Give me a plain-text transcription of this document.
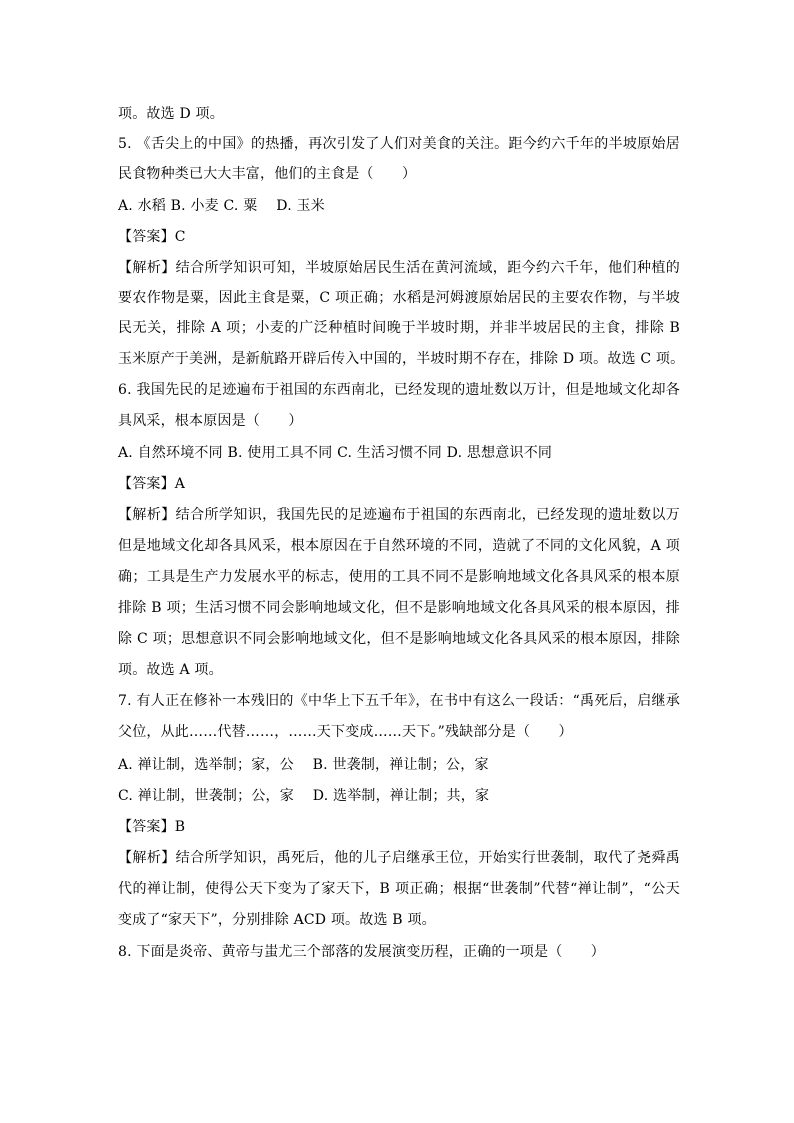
项。故选 D 项。
5. 《舌尖上的中国》的热播，再次引发了人们对美食的关注。距今约六千年的半坡原始居
民食物种类已大大丰富，他们的主食是（　　）
A. 水稻 B. 小麦 C. 粟　 D. 玉米
【答案】C
【解析】结合所学知识可知，半坡原始居民生活在黄河流域，距今约六千年，他们种植的
要农作物是粟，因此主食是粟，C 项正确；水稻是河姆渡原始居民的主要农作物，与半坡
民无关，排除 A 项；小麦的广泛种植时间晚于半坡时期，并非半坡居民的主食，排除 B
玉米原产于美洲，是新航路开辟后传入中国的，半坡时期不存在，排除 D 项。故选 C 项。
6. 我国先民的足迹遍布于祖国的东西南北，已经发现的遗址数以万计，但是地域文化却各
具风采，根本原因是（　　）
A. 自然环境不同 B. 使用工具不同 C. 生活习惯不同 D. 思想意识不同
【答案】A
【解析】结合所学知识，我国先民的足迹遍布于祖国的东西南北，已经发现的遗址数以万
但是地域文化却各具风采，根本原因在于自然环境的不同，造就了不同的文化风貌，A 项
确；工具是生产力发展水平的标志，使用的工具不同不是影响地域文化各具风采的根本原
排除 B 项；生活习惯不同会影响地域文化，但不是影响地域文化各具风采的根本原因，排
除 C 项；思想意识不同会影响地域文化，但不是影响地域文化各具风采的根本原因，排除
项。故选 A 项。
7. 有人正在修补一本残旧的《中华上下五千年》，在书中有这么一段话：“禹死后，启继承
父位，从此……代替……，……天下变成……天下。”残缺部分是（　　）
A. 禅让制，选举制；家，公　 B. 世袭制，禅让制；公，家
C. 禅让制，世袭制；公，家　 D. 选举制，禅让制；共，家
【答案】B
【解析】结合所学知识，禹死后，他的儿子启继承王位，开始实行世袭制，取代了尧舜禹
代的禅让制，使得公天下变为了家天下，B 项正确；根据“世袭制”代替“禅让制”，“公天
变成了“家天下”，分别排除 ACD 项。故选 B 项。
8. 下面是炎帝、黄帝与蚩尤三个部落的发展演变历程，正确的一项是（　　）
